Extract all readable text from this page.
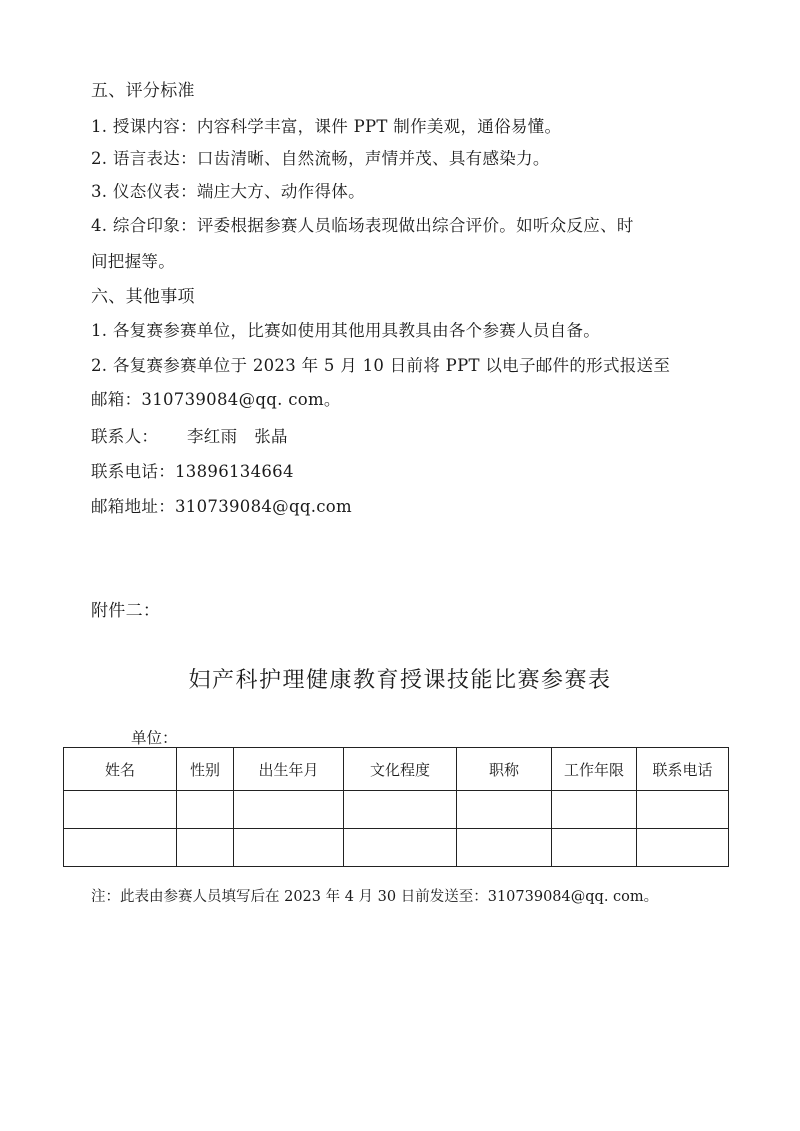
五、评分标准

1. 授课内容：内容科学丰富，课件 PPT 制作美观，通俗易懂。

2. 语言表达：口齿清晰、自然流畅，声情并茂、具有感染力。

3. 仪态仪表：端庄大方、动作得体。

4. 综合印象：评委根据参赛人员临场表现做出综合评价。如听众反应、时

间把握等。

六、其他事项

1. 各复赛参赛单位，比赛如使用其他用具教具由各个参赛人员自备。

2. 各复赛参赛单位于 2023 年 5 月 10 日前将 PPT 以电子邮件的形式报送至

邮箱：310739084@qq. com。

联系人： 李红雨　张晶

联系电话：13896134664

邮箱地址：310739084@qq.com

附件二：

妇产科护理健康教育授课技能比赛参赛表

单位：
姓名	性别	出生年月	文化程度	职称	工作年限	联系电话

注：此表由参赛人员填写后在 2023 年 4 月 30 日前发送至：310739084@qq. com。
